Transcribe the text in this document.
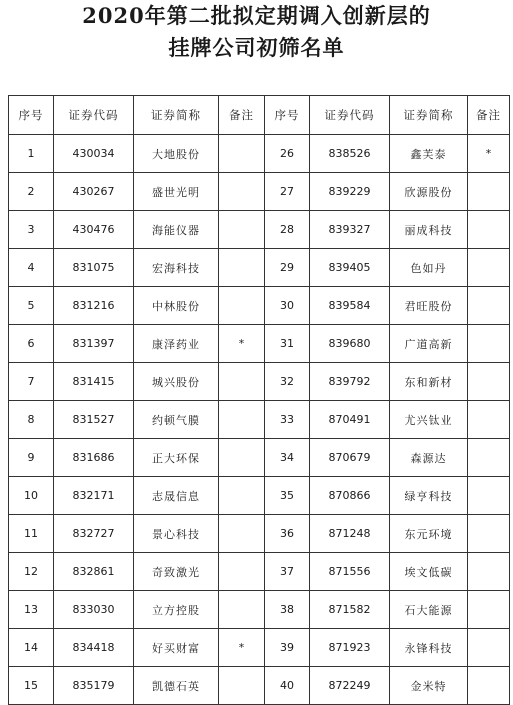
2020年第二批拟定期调入创新层的
挂牌公司初筛名单
序号	证券代码	证券简称	备注	序号	证券代码	证券简称	备注
1	430034	大地股份		26	838526	鑫芙泰	*
2	430267	盛世光明		27	839229	欣源股份	
3	430476	海能仪器		28	839327	丽成科技	
4	831075	宏海科技		29	839405	色如丹	
5	831216	中林股份		30	839584	君旺股份	
6	831397	康泽药业	*	31	839680	广道高新	
7	831415	城兴股份		32	839792	东和新材	
8	831527	约顿气膜		33	870491	尤兴钛业	
9	831686	正大环保		34	870679	森源达	
10	832171	志晟信息		35	870866	绿亨科技	
11	832727	景心科技		36	871248	东元环境	
12	832861	奇致激光		37	871556	埃文低碳	
13	833030	立方控股		38	871582	石大能源	
14	834418	好买财富	*	39	871923	永锋科技	
15	835179	凯德石英		40	872249	金米特	
